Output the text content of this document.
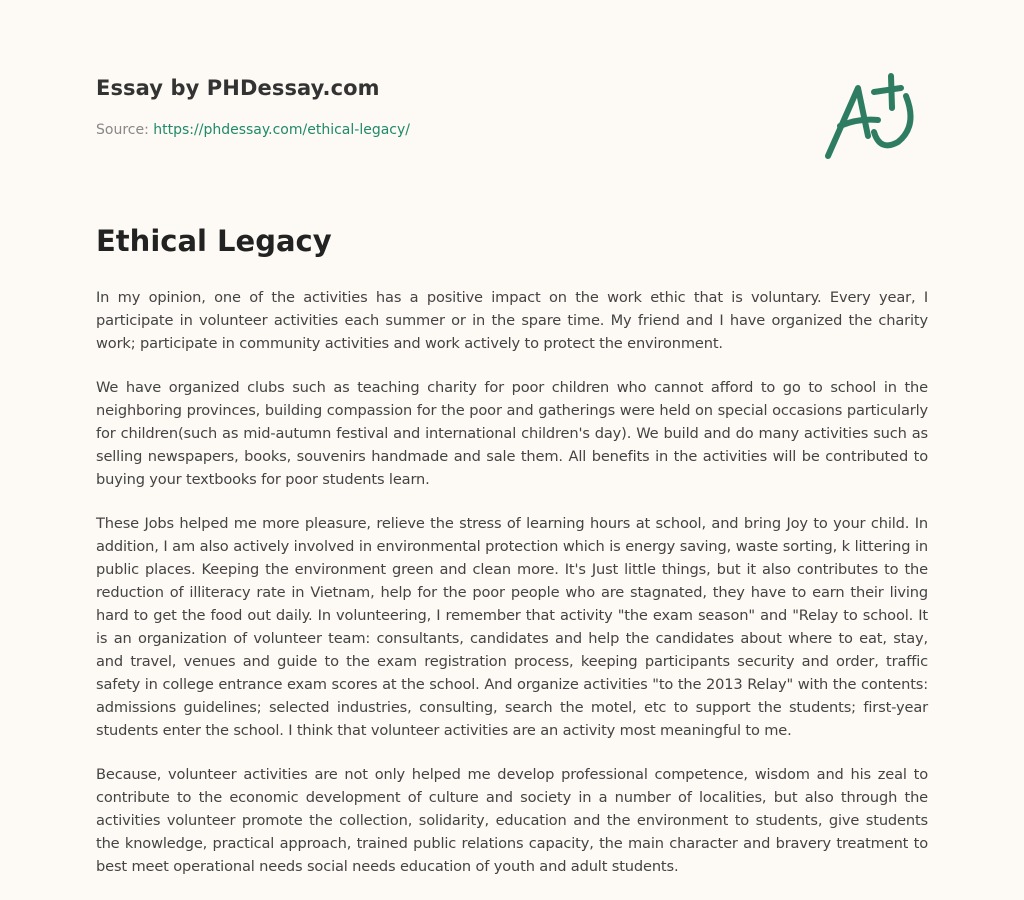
Essay by PHDessay.com
Source: https://phdessay.com/ethical-legacy/
Ethical Legacy

In my opinion, one of the activities has a positive impact on the work ethic that is voluntary. Every year, I participate in volunteer activities each summer or in the spare time. My friend and I have organized the charity work; participate in community activities and work actively to protect the environment.

We have organized clubs such as teaching charity for poor children who cannot afford to go to school in the neighboring provinces, building compassion for the poor and gatherings were held on special occasions particularly for children(such as mid-autumn festival and international children's day). We build and do many activities such as selling newspapers, books, souvenirs handmade and sale them. All benefits in the activities will be contributed to buying your textbooks for poor students learn.

These Jobs helped me more pleasure, relieve the stress of learning hours at school, and bring Joy to your child. In addition, I am also actively involved in environmental protection which is energy saving, waste sorting, k littering in public places. Keeping the environment green and clean more. It's Just little things, but it also contributes to the reduction of illiteracy rate in Vietnam, help for the poor people who are stagnated, they have to earn their living hard to get the food out daily. In volunteering, I remember that activity "the exam season" and "Relay to school. It is an organization of volunteer team: consultants, candidates and help the candidates about where to eat, stay, and travel, venues and guide to the exam registration process, keeping participants security and order, traffic safety in college entrance exam scores at the school. And organize activities "to the 2013 Relay" with the contents: admissions guidelines; selected industries, consulting, search the motel, etc to support the students; first-year students enter the school. I think that volunteer activities are an activity most meaningful to me.

Because, volunteer activities are not only helped me develop professional competence, wisdom and his zeal to contribute to the economic development of culture and society in a number of localities, but also through the activities volunteer promote the collection, solidarity, education and the environment to students, give students the knowledge, practical approach, trained public relations capacity, the main character and bravery treatment to best meet operational needs social needs education of youth and adult students.
